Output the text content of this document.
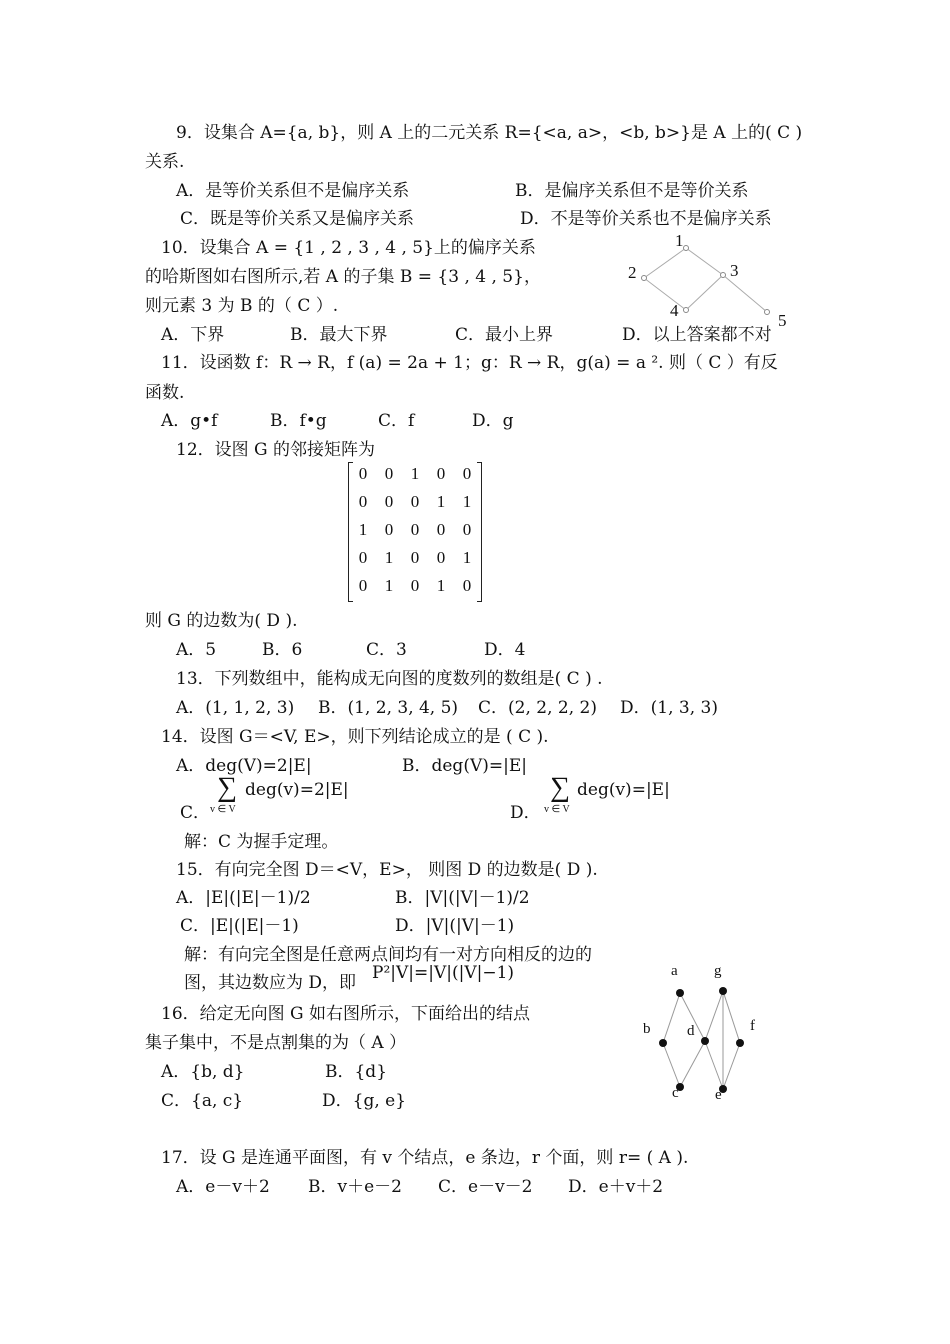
9．设集合 A={a, b}，则 A 上的二元关系 R={<a, a>，<b, b>}是 A 上的( C )
关系.
A．是等价关系但不是偏序关系	B．是偏序关系但不是等价关系
C．既是等价关系又是偏序关系	D．不是等价关系也不是偏序关系
10．设集合 A = {1 , 2 , 3 , 4 , 5}上的偏序关系
的哈斯图如右图所示,若 A 的子集 B = {3 , 4 , 5}，
则元素 3 为 B 的（ C ）.
A．下界	B．最大下界	C．最小上界	D．以上答案都不对
1
2	3
4
5
11．设函数 f：R → R，f (a) = 2a + 1；g：R → R，g(a) = a ². 则（ C ）有反
函数.
A．g•f	B．f•g	C．f	D．g
12．设图 G 的邻接矩阵为
0	0	1	0	0
0	0	0	1	1
1	0	0	0	0
0	1	0	0	1
0	1	0	1	0
则 G 的边数为( D ).
A．5	B．6	C．3	D．4
13．下列数组中，能构成无向图的度数列的数组是( C ) .
A．(1, 1, 2, 3) B．(1, 2, 3, 4, 5) C．(2, 2, 2, 2) D．(1, 3, 3)
14．设图 G＝<V, E>，则下列结论成立的是 ( C ).
A．deg(V)=2|E|	B．deg(V)=|E|
C．
∑
v ∈ V
deg(v)=2|E|
D．
∑
v ∈ V
deg(v)=|E|
解：C 为握手定理。
15．有向完全图 D＝<V，E>， 则图 D 的边数是( D ).
A．|E|(|E|－1)/2	B．|V|(|V|－1)/2
C．|E|(|E|－1)	D．|V|(|V|－1)
解：有向完全图是任意两点间均有一对方向相反的边的
图，其边数应为 D，即 P²|V|=|V|(|V|−1)
16．给定无向图 G 如右图所示，下面给出的结点
集子集中，不是点割集的为（ A ）
A．{b, d}	B．{d}
C．{a, c}	D．{g, e}
a g
b d	f
c e
17．设 G 是连通平面图，有 v 个结点，e 条边，r 个面，则 r= ( A ).
A．e－v＋2 B．v＋e－2 C．e－v－2 D．e＋v＋2
